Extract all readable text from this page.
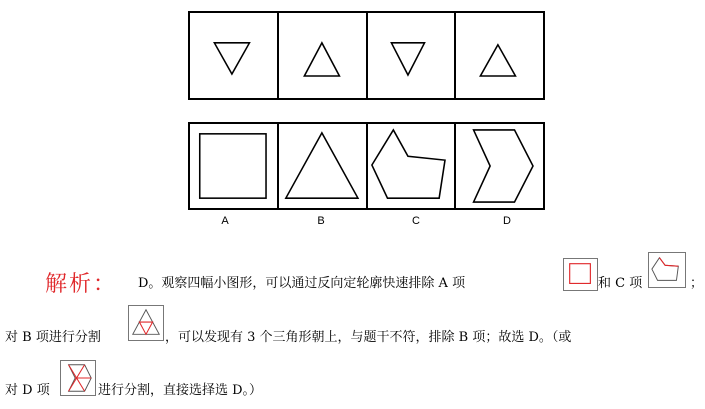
A	B	C	D
解析： D。观察四幅小图形，可以通过反向定轮廓快速排除 A 项	和 C 项	；
对 B 项进行分割	，可以发现有 3 个三角形朝上，与题干不符，排除 B 项；故选 D。（或
对 D 项	进行分割，直接选择选 D。）
